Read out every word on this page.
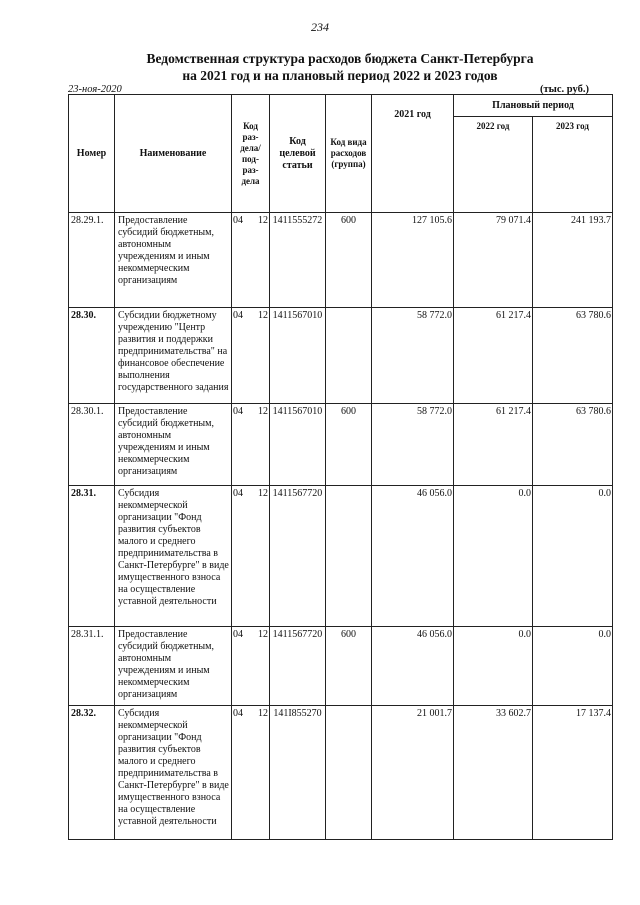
234
Ведомственная структура расходов бюджета Санкт-Петербурга
на 2021 год и на плановый период 2022 и 2023 годов
23-ноя-2020	(тыс. руб.)
Номер	Наименование	Код раз-дела/ под-раз-дела	Код целевой статьи	Код вида расходов (группа)	2021 год	Плановый период	
						2022 год	2023 год
28.29.1.	Предоставление субсидий бюджетным, автономным учреждениям и иным некоммерческим организациям	04 12	1411555272	600	127 105.6	79 071.4	241 193.7
28.30.	Субсидии бюджетному учреждению "Центр развития и поддержки предпринимательства" на финансовое обеспечение выполнения государственного задания	04 12	1411567010		58 772.0	61 217.4	63 780.6
28.30.1.	Предоставление субсидий бюджетным, автономным учреждениям и иным некоммерческим организациям	04 12	1411567010	600	58 772.0	61 217.4	63 780.6
28.31.	Субсидия некоммерческой организации "Фонд развития субъектов малого и среднего предпринимательства в Санкт-Петербурге" в виде имущественного взноса на осуществление уставной деятельности	04 12	1411567720		46 056.0	0.0	0.0
28.31.1.	Предоставление субсидий бюджетным, автономным учреждениям и иным некоммерческим организациям	04 12	1411567720	600	46 056.0	0.0	0.0
28.32.	Субсидия некоммерческой организации "Фонд развития субъектов малого и среднего предпринимательства в Санкт-Петербурге" в виде имущественного взноса на осуществление уставной деятельности	04 12	141I855270		21 001.7	33 602.7	17 137.4
